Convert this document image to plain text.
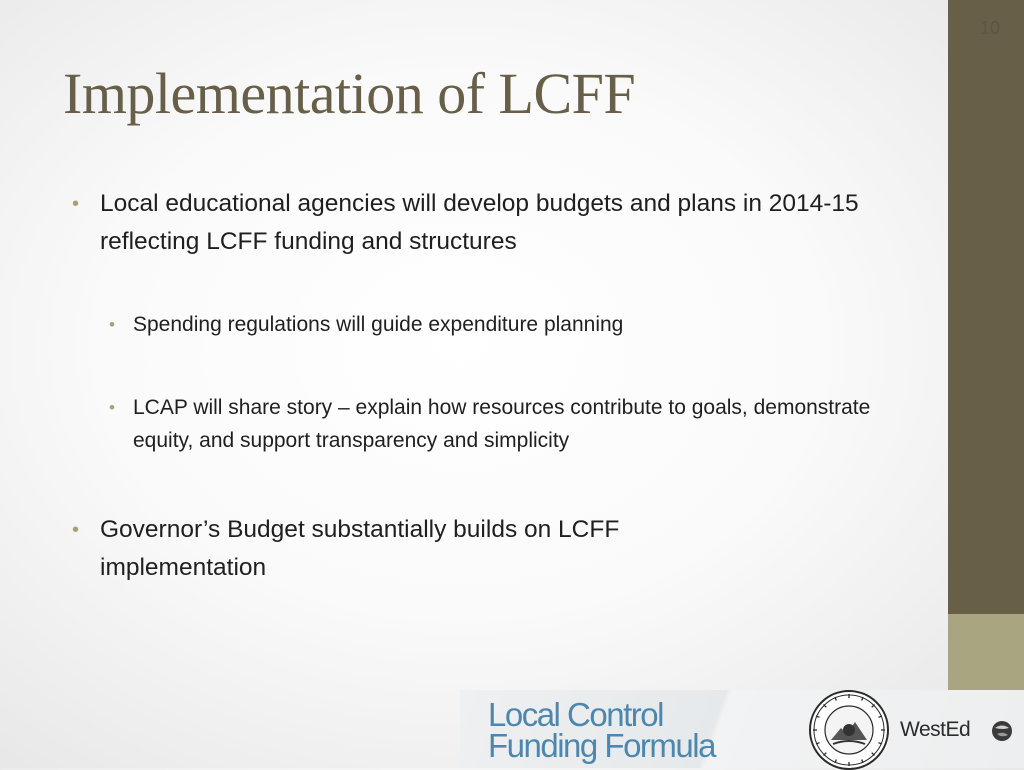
10
Implementation of LCFF
• Local educational agencies will develop budgets and plans in 2014-15 reflecting LCFF funding and structures
• Spending regulations will guide expenditure planning
• LCAP will share story – explain how resources contribute to goals, demonstrate equity, and support transparency and simplicity
• Governor’s Budget substantially builds on LCFF implementation
Local Control
Funding Formula	WestEd
